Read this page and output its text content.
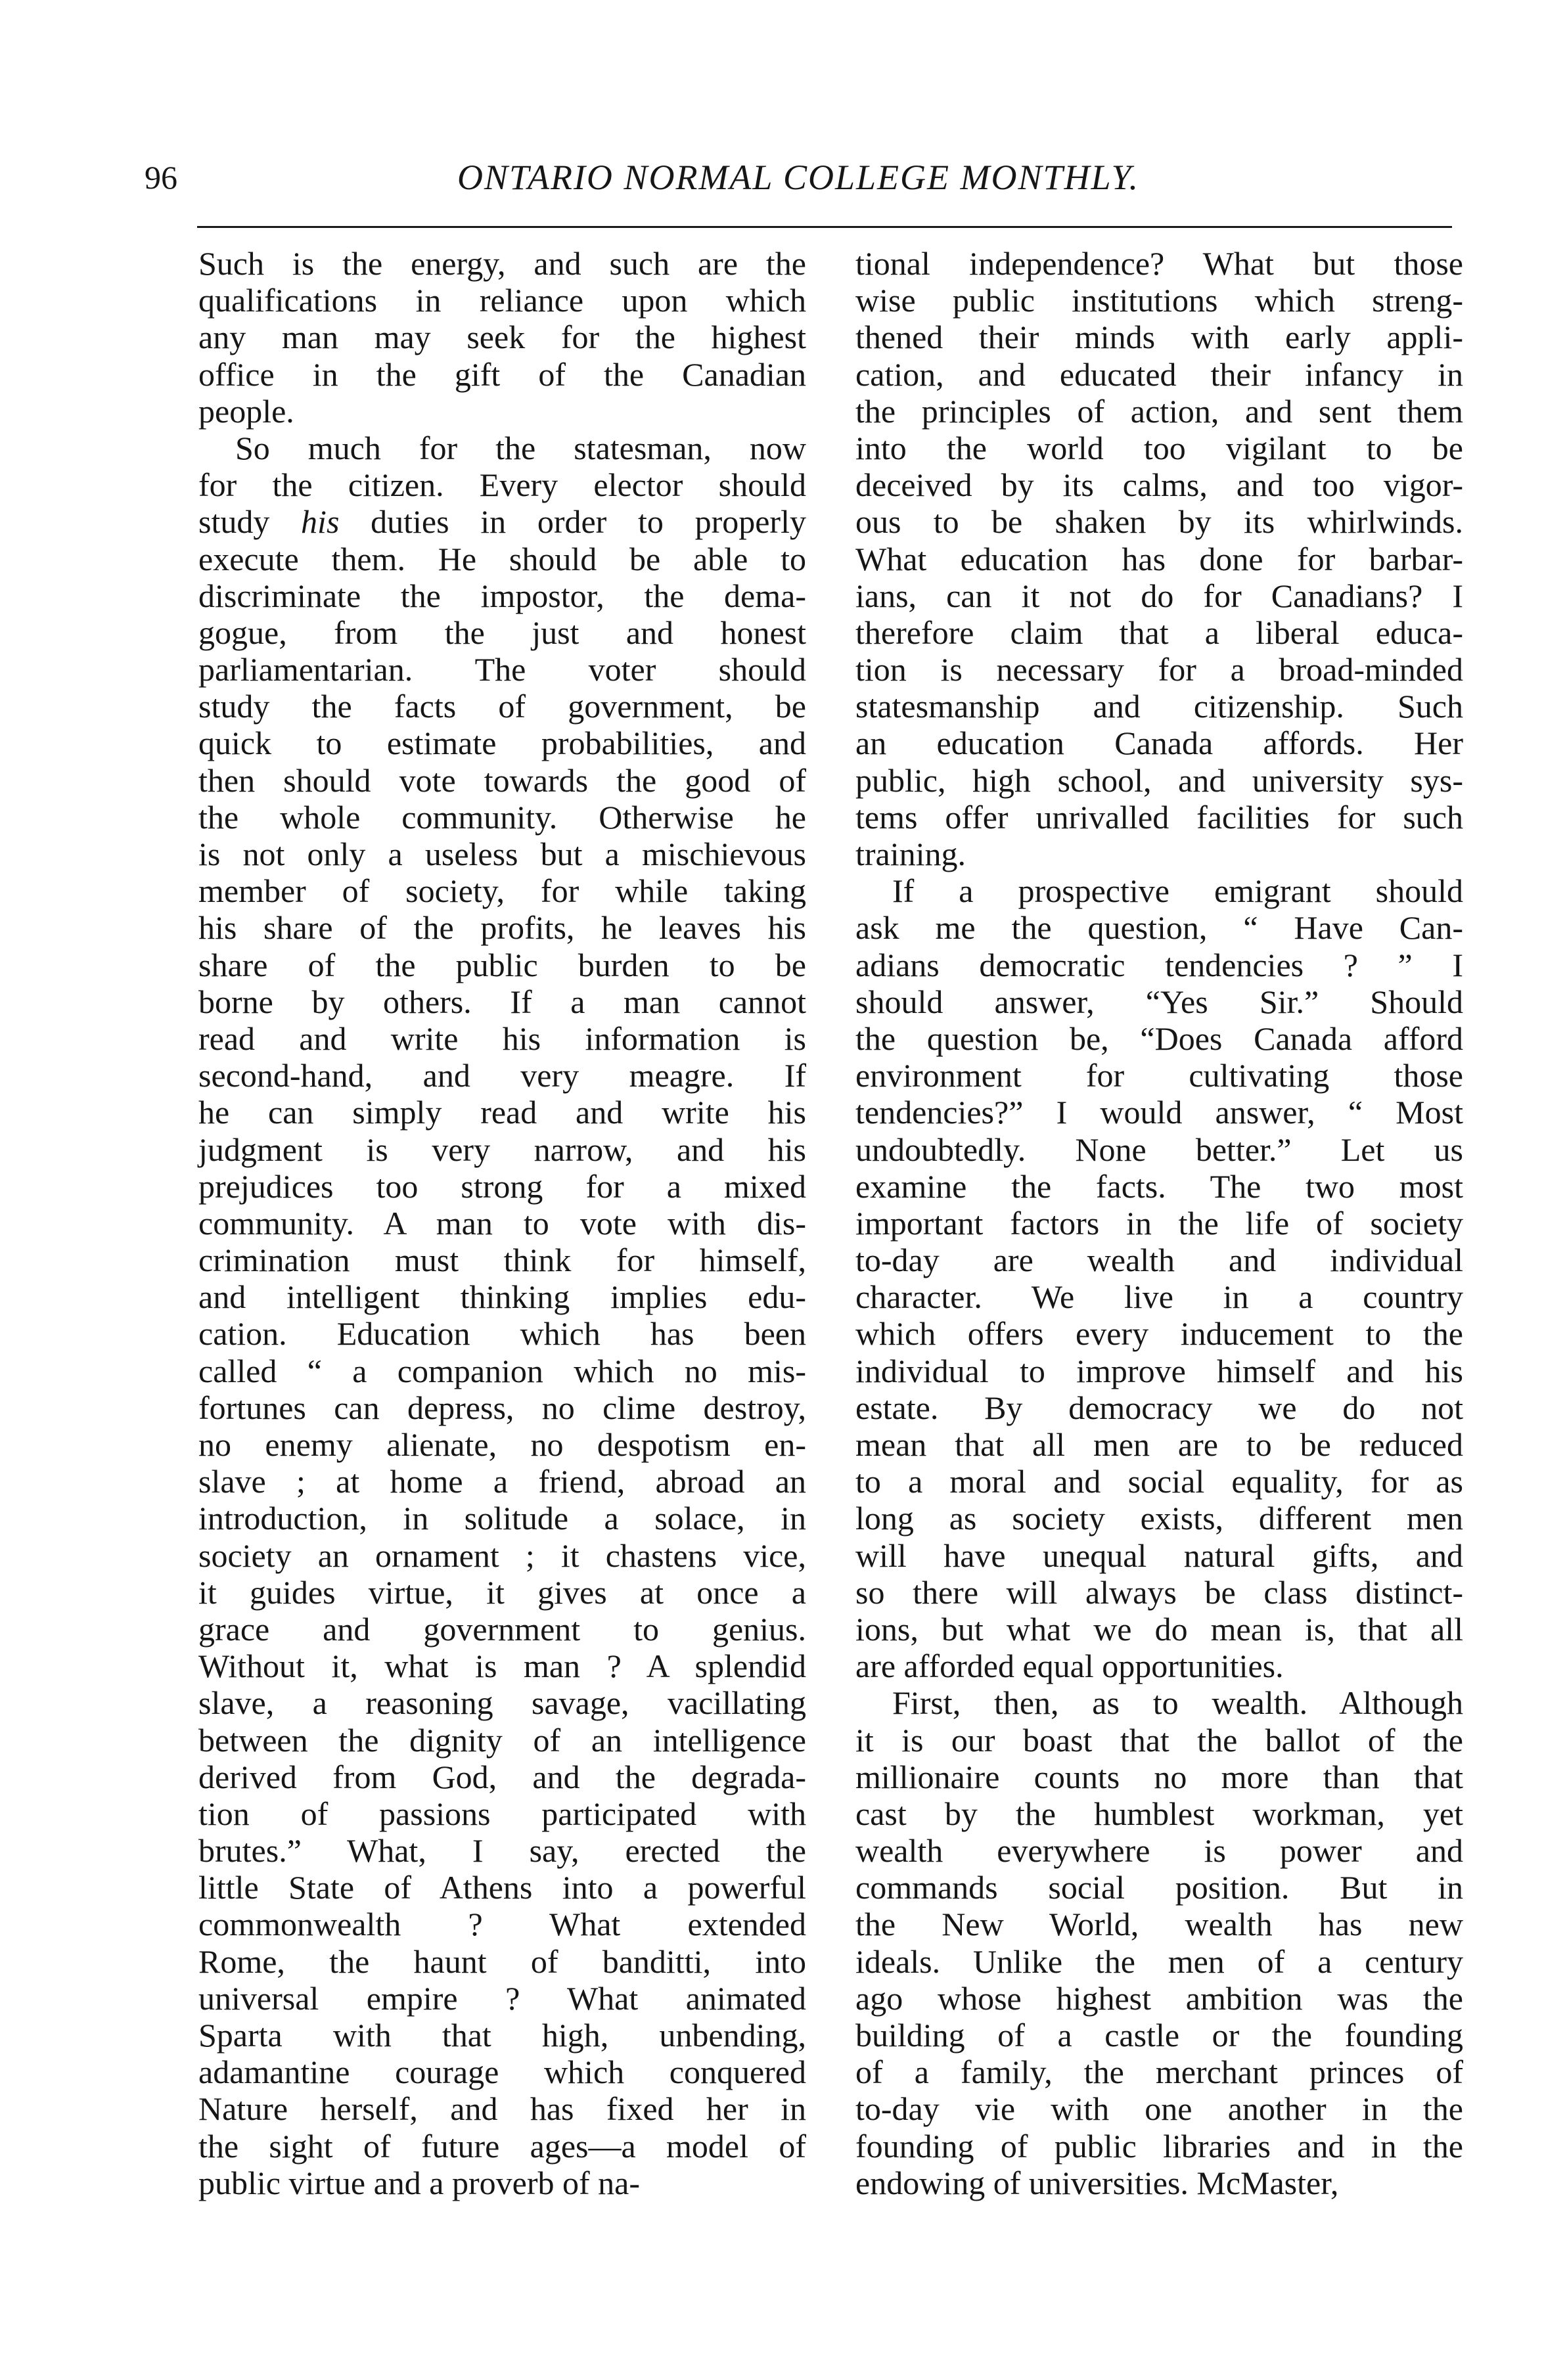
96	ONTARIO NORMAL COLLEGE MONTHLY.
Such is the energy, and such are the
qualifications in reliance upon which
any man may seek for the highest
office in the gift of the Canadian
people.
So much for the statesman, now
for the citizen. Every elector should
study his duties in order to properly
execute them. He should be able to
discriminate the impostor, the dema-
gogue, from the just and honest
parliamentarian. The voter should
study the facts of government, be
quick to estimate probabilities, and
then should vote towards the good of
the whole community. Otherwise he
is not only a useless but a mischievous
member of society, for while taking
his share of the profits, he leaves his
share of the public burden to be
borne by others. If a man cannot
read and write his information is
second-hand, and very meagre. If
he can simply read and write his
judgment is very narrow, and his
prejudices too strong for a mixed
community. A man to vote with dis-
crimination must think for himself,
and intelligent thinking implies edu-
cation. Education which has been
called “ a companion which no mis-
fortunes can depress, no clime destroy,
no enemy alienate, no despotism en-
slave ; at home a friend, abroad an
introduction, in solitude a solace, in
society an ornament ; it chastens vice,
it guides virtue, it gives at once a
grace and government to genius.
Without it, what is man ? A splendid
slave, a reasoning savage, vacillating
between the dignity of an intelligence
derived from God, and the degrada-
tion of passions participated with
brutes.” What, I say, erected the
little State of Athens into a powerful
commonwealth ? What extended
Rome, the haunt of banditti, into
universal empire ? What animated
Sparta with that high, unbending,
adamantine courage which conquered
Nature herself, and has fixed her in
the sight of future ages—a model of
public virtue and a proverb of na-
tional independence? What but those
wise public institutions which streng-
thened their minds with early appli-
cation, and educated their infancy in
the principles of action, and sent them
into the world too vigilant to be
deceived by its calms, and too vigor-
ous to be shaken by its whirlwinds.
What education has done for barbar-
ians, can it not do for Canadians? I
therefore claim that a liberal educa-
tion is necessary for a broad-minded
statesmanship and citizenship. Such
an education Canada affords. Her
public, high school, and university sys-
tems offer unrivalled facilities for such
training.
If a prospective emigrant should
ask me the question, “ Have Can-
adians democratic tendencies ? ” I
should answer, “Yes Sir.” Should
the question be, “Does Canada afford
environment for cultivating those
tendencies?” I would answer, “ Most
undoubtedly. None better.” Let us
examine the facts. The two most
important factors in the life of society
to-day are wealth and individual
character. We live in a country
which offers every inducement to the
individual to improve himself and his
estate. By democracy we do not
mean that all men are to be reduced
to a moral and social equality, for as
long as society exists, different men
will have unequal natural gifts, and
so there will always be class distinct-
ions, but what we do mean is, that all
are afforded equal opportunities.
First, then, as to wealth. Although
it is our boast that the ballot of the
millionaire counts no more than that
cast by the humblest workman, yet
wealth everywhere is power and
commands social position. But in
the New World, wealth has new
ideals. Unlike the men of a century
ago whose highest ambition was the
building of a castle or the founding
of a family, the merchant princes of
to-day vie with one another in the
founding of public libraries and in the
endowing of universities. McMaster,
